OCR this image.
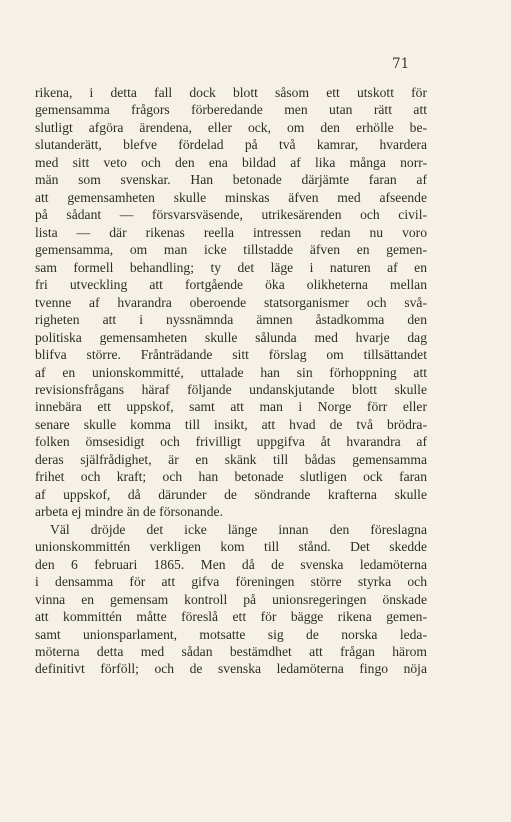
71
rikena, i detta fall dock blott såsom ett utskott för
gemensamma frågors förberedande men utan rätt att
slutligt afgöra ärendena, eller ock, om den erhölle be-
slutanderätt, blefve fördelad på två kamrar, hvardera
med sitt veto och den ena bildad af lika många norr-
män som svenskar. Han betonade därjämte faran af
att gemensamheten skulle minskas äfven med afseende
på sådant — försvarsväsende, utrikesärenden och civil-
lista — där rikenas reella intressen redan nu voro
gemensamma, om man icke tillstadde äfven en gemen-
sam formell behandling; ty det läge i naturen af en
fri utveckling att fortgående öka olikheterna mellan
tvenne af hvarandra oberoende statsorganismer och svå-
righeten att i nyssnämnda ämnen åstadkomma den
politiska gemensamheten skulle sålunda med hvarje dag
blifva större. Frånträdande sitt förslag om tillsättandet
af en unionskommitté, uttalade han sin förhoppning att
revisionsfrågans häraf följande undanskjutande blott skulle
innebära ett uppskof, samt att man i Norge förr eller
senare skulle komma till insikt, att hvad de två brödra-
folken ömsesidigt och frivilligt uppgifva åt hvarandra af
deras själfrådighet, är en skänk till bådas gemensamma
frihet och kraft; och han betonade slutligen ock faran
af uppskof, då därunder de söndrande krafterna skulle
arbeta ej mindre än de försonande.
Väl dröjde det icke länge innan den föreslagna
unionskommittén verkligen kom till stånd. Det skedde
den 6 februari 1865. Men då de svenska ledamöterna
i densamma för att gifva föreningen större styrka och
vinna en gemensam kontroll på unionsregeringen önskade
att kommittén måtte föreslå ett för bägge rikena gemen-
samt unionsparlament, motsatte sig de norska leda-
möterna detta med sådan bestämdhet att frågan härom
definitivt förföll; och de svenska ledamöterna fingo nöja
